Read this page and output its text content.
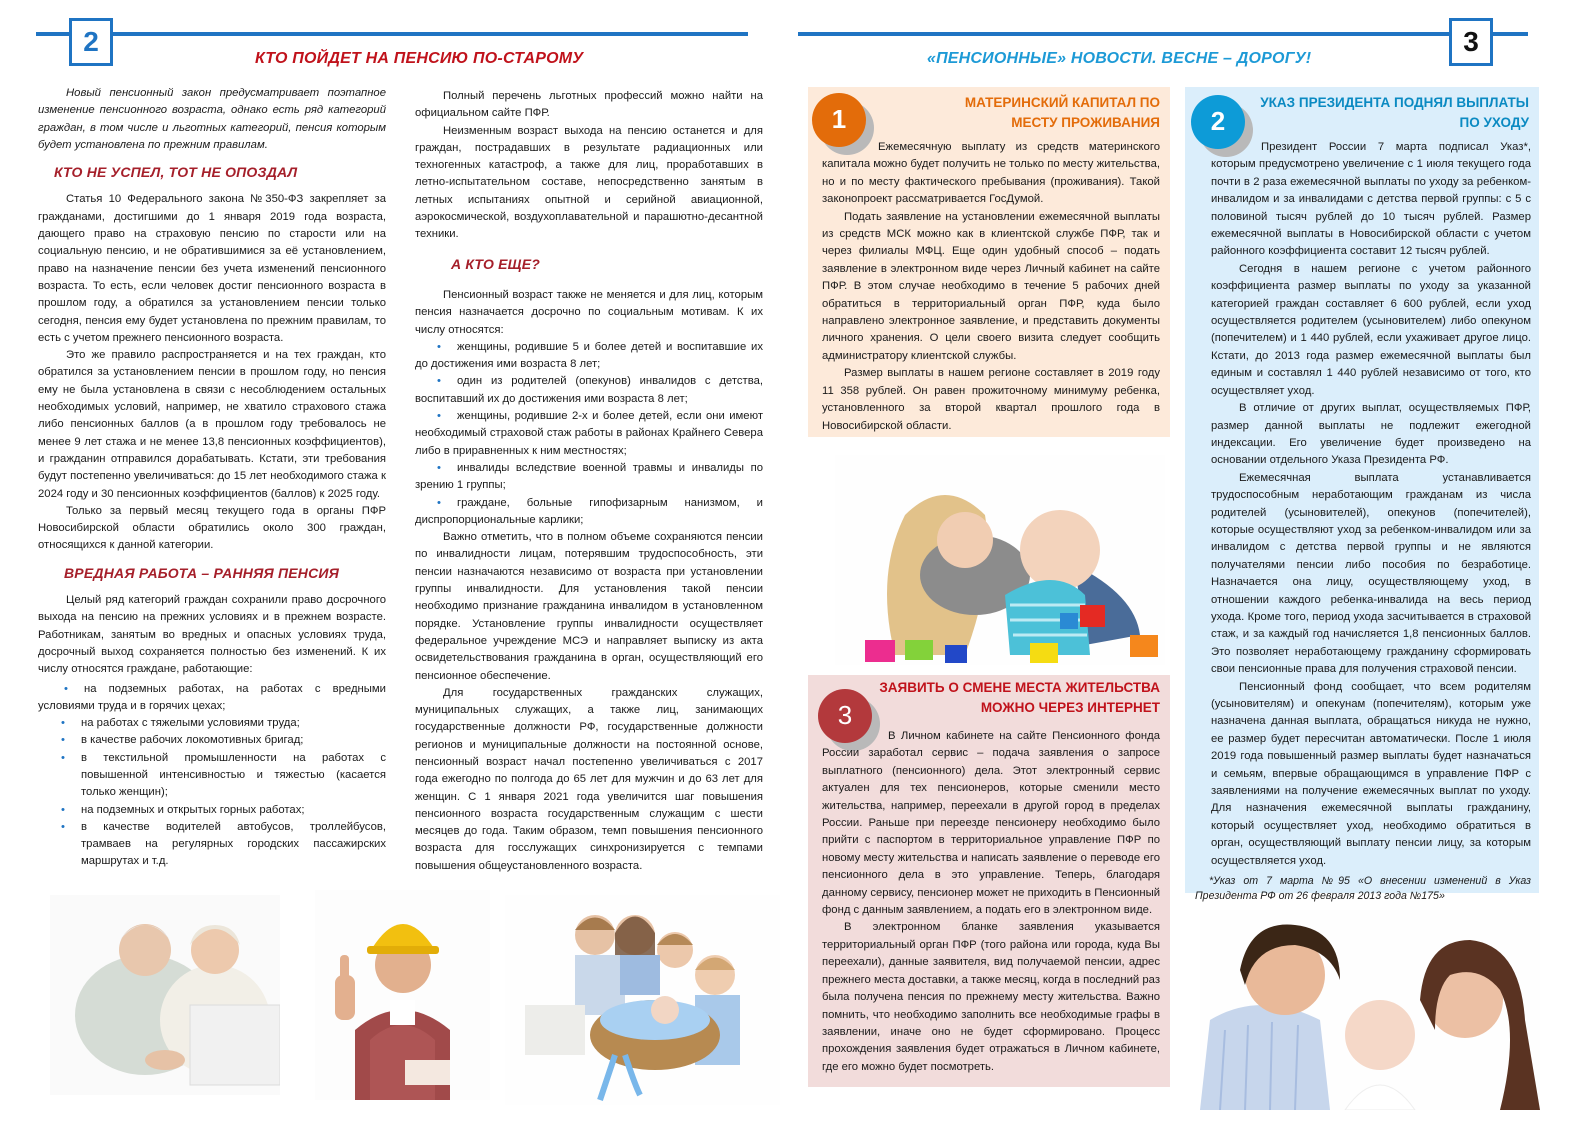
2
КТО ПОЙДЕТ НА ПЕНСИЮ ПО-СТАРОМУ

Новый пенсионный закон предусматривает поэтапное изменение пенсионного возраста, однако есть ряд категорий граждан, в том числе и льготных категорий, пенсия которым будет установлена по прежним правилам.

КТО НЕ УСПЕЛ, ТОТ НЕ ОПОЗДАЛ

Статья 10 Федерального закона №350-ФЗ закрепляет за гражданами, достигшими до 1 января 2019 года возраста, дающего право на страховую пенсию по старости или на социальную пенсию, и не обратившимися за её установлением, право на назначение пенсии без учета изменений пенсионного возраста. То есть, если человек достиг пенсионного возраста в прошлом году, а обратился за установлением пенсии только сегодня, пенсия ему будет установлена по прежним правилам, то есть с учетом прежнего пенсионного возраста.

Это же правило распространяется и на тех граждан, кто обратился за установлением пенсии в прошлом году, но пенсия ему не была установлена в связи с несоблюдением остальных необходимых условий, например, не хватило страхового стажа либо пенсионных баллов (а в прошлом году требовалось не менее 9 лет стажа и не менее 13,8 пенсионных коэффициентов), и гражданин отправился дорабатывать. Кстати, эти требования будут постепенно увеличиваться: до 15 лет необходимого стажа к 2024 году и 30 пенсионных коэффициентов (баллов) к 2025 году.

Только за первый месяц текущего года в органы ПФР Новосибирской области обратились около 300 граждан, относящихся к данной категории.

ВРЕДНАЯ РАБОТА – РАННЯЯ ПЕНСИЯ

Целый ряд категорий граждан сохранили право досрочного выхода на пенсию на прежних условиях и в прежнем возрасте. Работникам, занятым во вредных и опасных условиях труда, досрочный выход сохраняется полностью без изменений. К их числу относятся граждане, работающие:

• на подземных работах, на работах с вредными условиями труда и в горячих цехах;
• на работах с тяжелыми условиями труда;
• в качестве рабочих локомотивных бригад;
• в текстильной промышленности на работах с повышенной интенсивностью и тяжестью (касается только женщин);
• на подземных и открытых горных работах;
• в качестве водителей автобусов, троллейбусов, трамваев на регулярных городских пассажирских маршрутах и т.д.

Полный перечень льготных профессий можно найти на официальном сайте ПФР.

Неизменным возраст выхода на пенсию останется и для граждан, пострадавших в результате радиационных или техногенных катастроф, а также для лиц, проработавших в летно-испытательном составе, непосредственно занятым в летных испытаниях опытной и серийной авиационной, аэрокосмической, воздухоплавательной и парашютно-десантной техники.

А КТО ЕЩЕ?

Пенсионный возраст также не меняется и для лиц, которым пенсия назначается досрочно по социальным мотивам. К их числу относятся:

• женщины, родившие 5 и более детей и воспитавшие их до достижения ими возраста 8 лет;
• один из родителей (опекунов) инвалидов с детства, воспитавший их до достижения ими возраста 8 лет;
• женщины, родившие 2-х и более детей, если они имеют необходимый страховой стаж работы в районах Крайнего Севера либо в приравненных к ним местностях;
• инвалиды вследствие военной травмы и инвалиды по зрению 1 группы;
• граждане, больные гипофизарным нанизмом, и диспропорциональные карлики;

Важно отметить, что в полном объеме сохраняются пенсии по инвалидности лицам, потерявшим трудоспособность, эти пенсии назначаются независимо от возраста при установлении группы инвалидности. Для установления такой пенсии необходимо признание гражданина инвалидом в установленном порядке. Установление группы инвалидности осуществляет федеральное учреждение МСЭ и направляет выписку из акта освидетельствования гражданина в орган, осуществляющий его пенсионное обеспечение.

Для государственных гражданских служащих, муниципальных служащих, а также лиц, занимающих государственные должности РФ, государственные должности регионов и муниципальные должности на постоянной основе, пенсионный возраст начал постепенно увеличиваться с 2017 года ежегодно по полгода до 65 лет для мужчин и до 63 лет для женщин. С 1 января 2021 года увеличится шаг повышения пенсионного возраста государственным служащим с шести месяцев до года. Таким образом, темп повышения пенсионного возраста для госслужащих синхронизируется с темпами повышения общеустановленного возраста.

3
«ПЕНСИОННЫЕ» НОВОСТИ. ВЕСНЕ – ДОРОГУ!
1
МАТЕРИНСКИЙ КАПИТАЛ ПО МЕСТУ ПРОЖИВАНИЯ

Ежемесячную выплату из средств материнского капитала можно будет получить не только по месту жительства, но и по месту фактического пребывания (проживания). Такой законопроект рассматривается ГосДумой.

Подать заявление на установлении ежемесячной выплаты из средств МСК можно как в клиентской службе ПФР, так и через филиалы МФЦ. Еще один удобный способ – подать заявление в электронном виде через Личный кабинет на сайте ПФР. В этом случае необходимо в течение 5 рабочих дней обратиться в территориальный орган ПФР, куда было направлено электронное заявление, и представить документы личного хранения. О цели своего визита следует сообщить администратору клиентской службы.

Размер выплаты в нашем регионе составляет в 2019 году 11 358 рублей. Он равен прожиточному минимуму ребенка, установленного за второй квартал прошлого года в Новосибирской области.

3
ЗАЯВИТЬ О СМЕНЕ МЕСТА ЖИТЕЛЬСТВА МОЖНО ЧЕРЕЗ ИНТЕРНЕТ

В Личном кабинете на сайте Пенсионного фонда России заработал сервис – подача заявления о запросе выплатного (пенсионного) дела. Этот электронный сервис актуален для тех пенсионеров, которые сменили место жительства, например, переехали в другой город в пределах России. Раньше при переезде пенсионеру необходимо было прийти с паспортом в территориальное управление ПФР по новому месту жительства и написать заявление о переводе его пенсионного дела в это управление. Теперь, благодаря данному сервису, пенсионер может не приходить в Пенсионный фонд с данным заявлением, а подать его в электронном виде.

В электронном бланке заявления указывается территориальный орган ПФР (того района или города, куда Вы переехали), данные заявителя, вид получаемой пенсии, адрес прежнего места доставки, а также месяц, когда в последний раз была получена пенсия по прежнему месту жительства. Важно помнить, что необходимо заполнить все необходимые графы в заявлении, иначе оно не будет сформировано. Процесс прохождения заявления будет отражаться в Личном кабинете, где его можно будет посмотреть.

2
УКАЗ ПРЕЗИДЕНТА ПОДНЯЛ ВЫПЛАТЫ ПО УХОДУ

Президент России 7 марта подписал Указ*, которым предусмотрено увеличение с 1 июля текущего года почти в 2 раза ежемесячной выплаты по уходу за ребенком-инвалидом и за инвалидами с детства первой группы: с 5 с половиной тысяч рублей до 10 тысяч рублей. Размер ежемесячной выплаты в Новосибирской области с учетом районного коэффициента составит 12 тысяч рублей.

Сегодня в нашем регионе с учетом районного коэффициента размер выплаты по уходу за указанной категорией граждан составляет 6 600 рублей, если уход осуществляется родителем (усыновителем) либо опекуном (попечителем) и 1 440 рублей, если ухаживает другое лицо. Кстати, до 2013 года размер ежемесячной выплаты был единым и составлял 1 440 рублей независимо от того, кто осуществляет уход.

В отличие от других выплат, осуществляемых ПФР, размер данной выплаты не подлежит ежегодной индексации. Его увеличение будет произведено на основании отдельного Указа Президента РФ.

Ежемесячная выплата устанавливается трудоспособным неработающим гражданам из числа родителей (усыновителей), опекунов (попечителей), которые осуществляют уход за ребенком-инвалидом или за инвалидом с детства первой группы и не являются получателями пенсии либо пособия по безработице. Назначается она лицу, осуществляющему уход, в отношении каждого ребенка-инвалида на весь период ухода. Кроме того, период ухода засчитывается в страховой стаж, и за каждый год начисляется 1,8 пенсионных баллов. Это позволяет неработающему гражданину сформировать свои пенсионные права для получения страховой пенсии.

Пенсионный фонд сообщает, что всем родителям (усыновителям) и опекунам (попечителям), которым уже назначена данная выплата, обращаться никуда не нужно, ее размер будет пересчитан автоматически. После 1 июля 2019 года повышенный размер выплаты будет назначаться и семьям, впервые обращающимся в управление ПФР с заявлениями на получение ежемесячных выплат по уходу. Для назначения ежемесячной выплаты гражданину, который осуществляет уход, необходимо обратиться в орган, осуществляющий выплату пенсии лицу, за которым осуществляется уход.

*Указ от 7 марта №95 «О внесении изменений в Указ Президента РФ от 26 февраля 2013 года №175»
